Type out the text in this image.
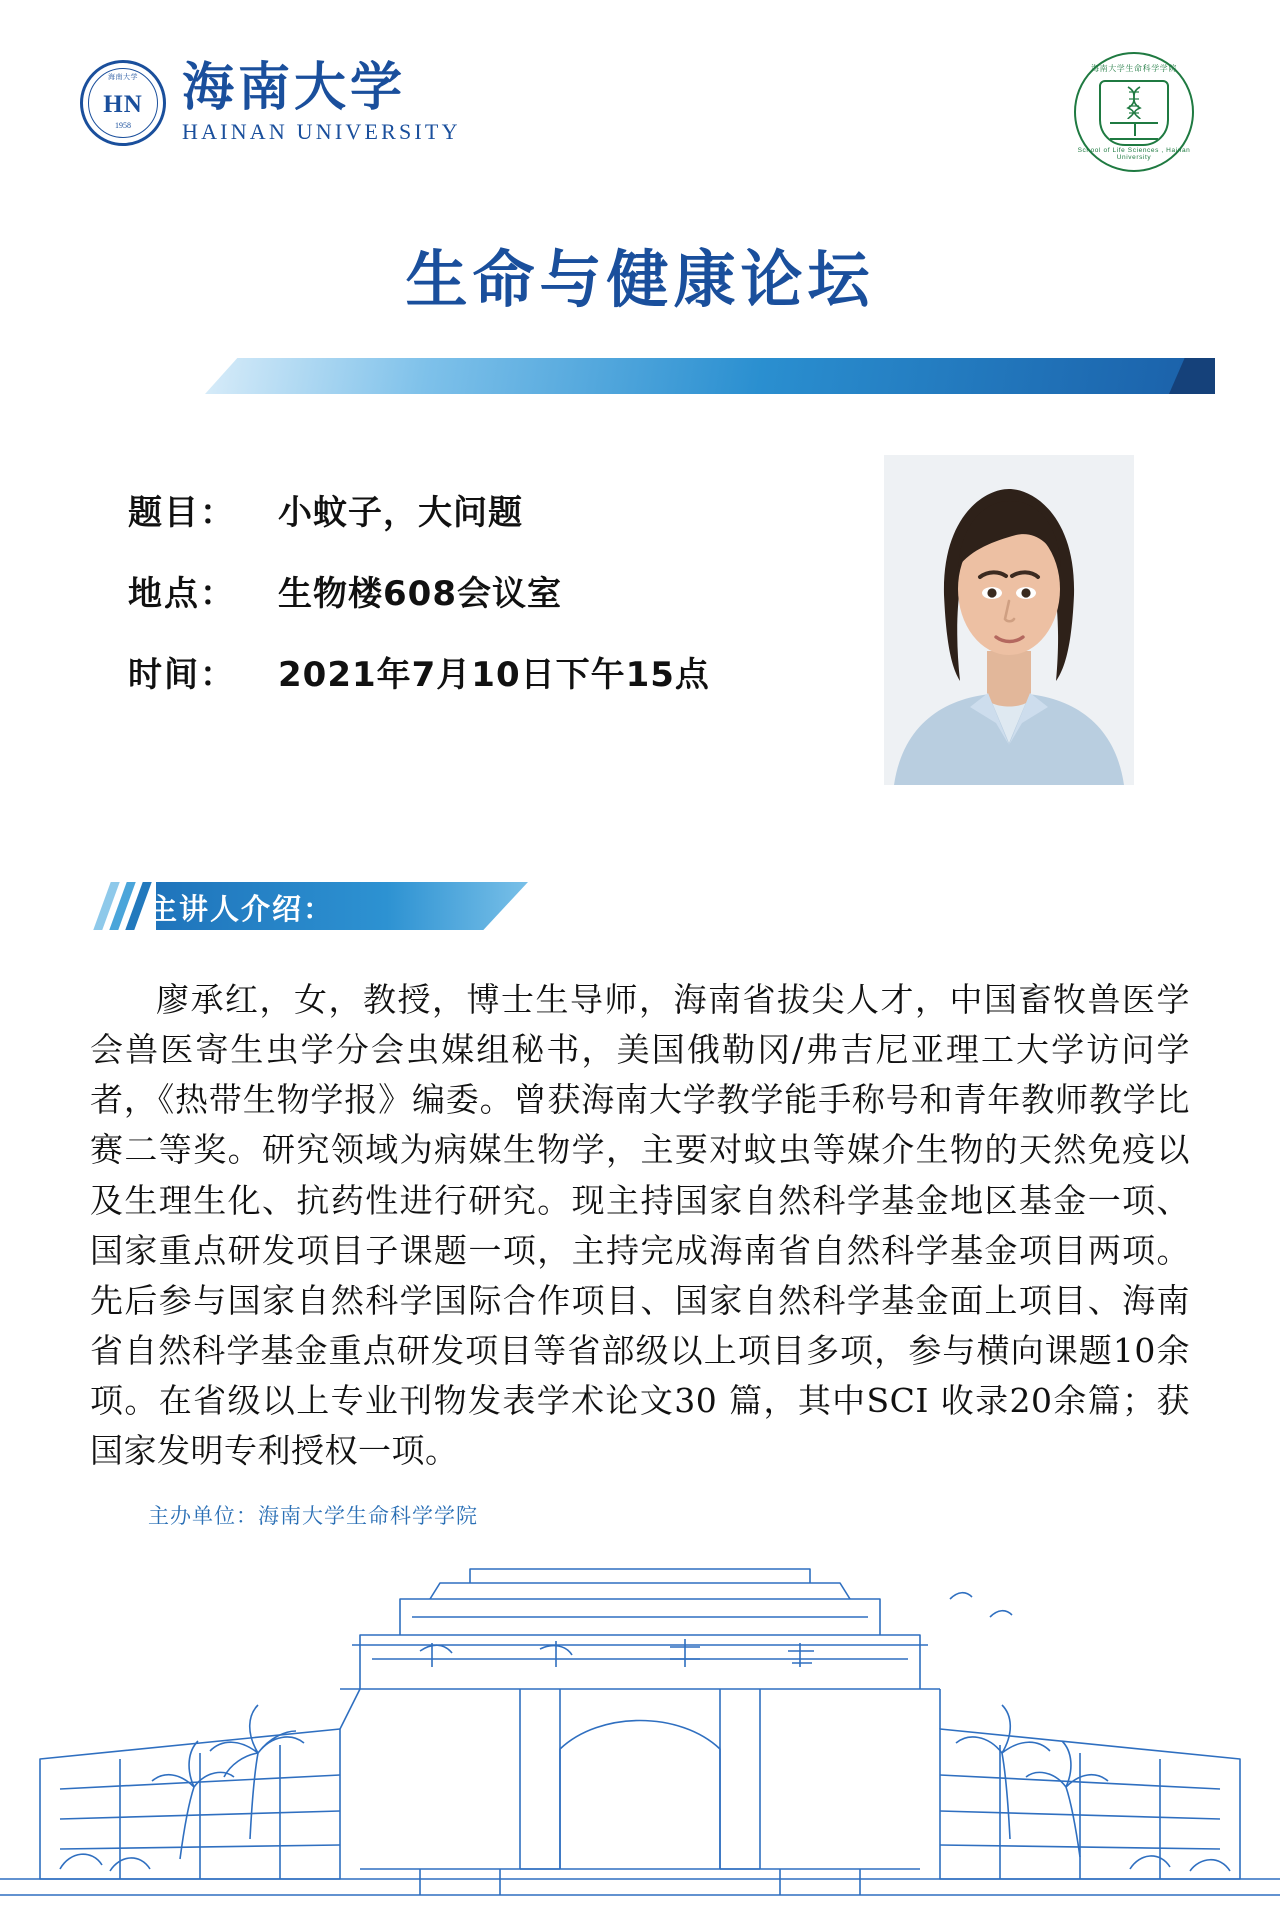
海南大学
HN
1958
海南大学
HAINAN UNIVERSITY
海南大学生命科学学院
School of Life Sciences , Hainan University
生命与健康论坛
题目：	小蚊子，大问题
地点：	生物楼608会议室
时间：	2021年7月10日下午15点
主讲人介绍：
廖承红，女，教授，博士生导师，海南省拔尖人才，中国畜牧兽医学会兽医寄生虫学分会虫媒组秘书，美国俄勒冈/弗吉尼亚理工大学访问学者，《热带生物学报》编委。曾获海南大学教学能手称号和青年教师教学比赛二等奖。研究领域为病媒生物学，主要对蚊虫等媒介生物的天然免疫以及生理生化、抗药性进行研究。现主持国家自然科学基金地区基金一项、国家重点研发项目子课题一项，主持完成海南省自然科学基金项目两项。先后参与国家自然科学国际合作项目、国家自然科学基金面上项目、海南省自然科学基金重点研发项目等省部级以上项目多项，参与横向课题10余项。在省级以上专业刊物发表学术论文30 篇，其中SCI 收录20余篇；获国家发明专利授权一项。
主办单位：海南大学生命科学学院
